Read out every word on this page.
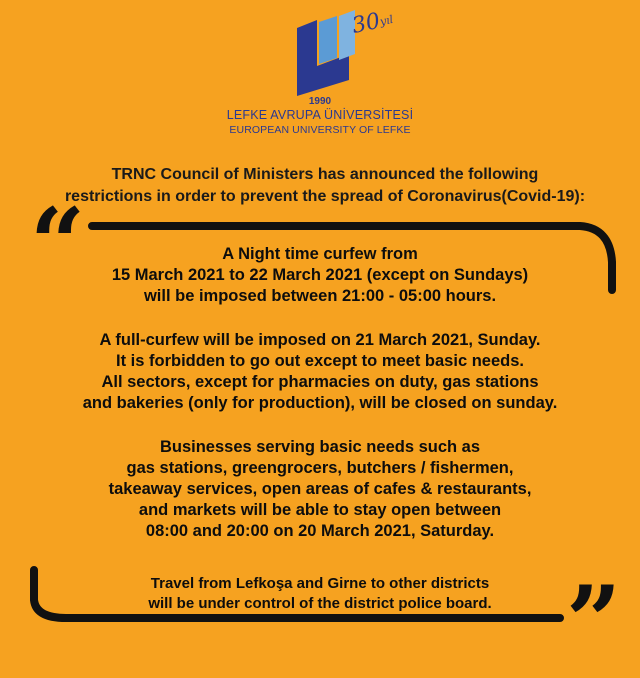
30yıl
1990
LEFKE AVRUPA ÜNİVERSİTESİ
EUROPEAN UNIVERSITY OF LEFKE
TRNC Council of Ministers has announced the following
restrictions in order to prevent the spread of Coronavirus(Covid-19):
“
”
A Night time curfew from
15 March 2021 to 22 March 2021 (except on Sundays)
will be imposed between 21:00 - 05:00 hours.
A full-curfew will be imposed on 21 March 2021, Sunday.
It is forbidden to go out except to meet basic needs.
All sectors, except for pharmacies on duty, gas stations
and bakeries (only for production), will be closed on sunday.
Businesses serving basic needs such as
gas stations, greengrocers, butchers / fishermen,
takeaway services, open areas of cafes & restaurants,
and markets will be able to stay open between
08:00 and 20:00 on 20 March 2021, Saturday.
Travel from Lefkoşa and Girne to other districts
will be under control of the district police board.
